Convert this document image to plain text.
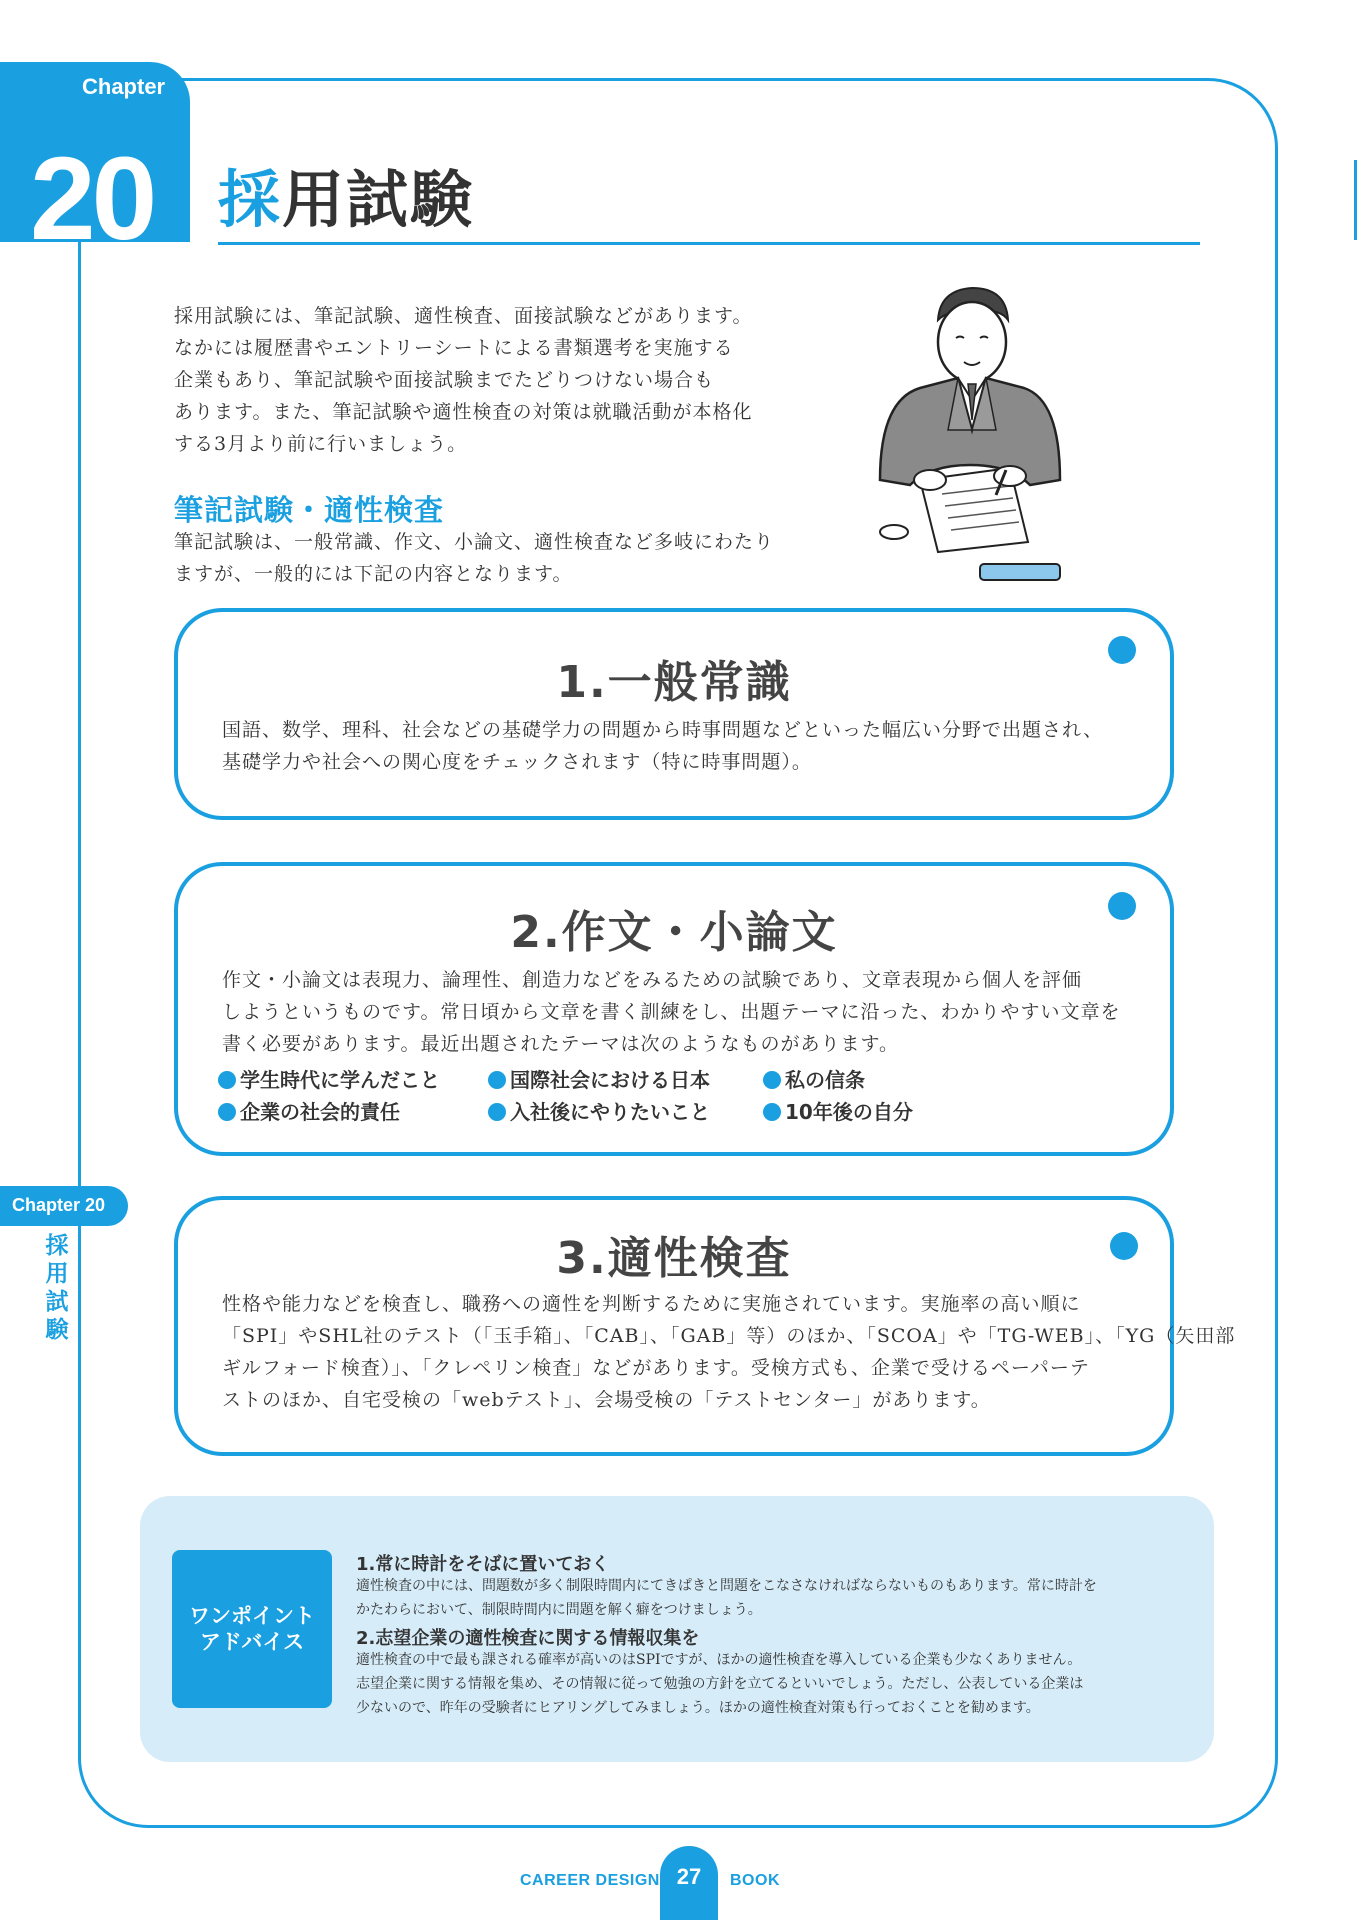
Chapter
20 採用試験
採用試験には、筆記試験、適性検査、面接試験などがあります。
なかには履歴書やエントリーシートによる書類選考を実施する
企業もあり、筆記試験や面接試験までたどりつけない場合も
あります。また、筆記試験や適性検査の対策は就職活動が本格化
する3月より前に行いましょう。
筆記試験・適性検査
筆記試験は、一般常識、作文、小論文、適性検査など多岐にわたり
ますが、一般的には下記の内容となります。
1.一般常識
国語、数学、理科、社会などの基礎学力の問題から時事問題などといった幅広い分野で出題され、
基礎学力や社会への関心度をチェックされます（特に時事問題）。
2.作文・小論文
作文・小論文は表現力、論理性、創造力などをみるための試験であり、文章表現から個人を評価
しようというものです。常日頃から文章を書く訓練をし、出題テーマに沿った、わかりやすい文章を
書く必要があります。最近出題されたテーマは次のようなものがあります。
学生時代に学んだこと	国際社会における日本	私の信条
企業の社会的責任	入社後にやりたいこと	10年後の自分
3.適性検査
性格や能力などを検査し、職務への適性を判断するために実施されています。実施率の高い順に
「SPI」やSHL社のテスト（「玉手箱」、「CAB」、「GAB」等）のほか、「SCOA」や「TG-WEB」、「YG（矢田部
ギルフォード検査）」、「クレペリン検査」などがあります。受検方式も、企業で受けるペーパーテ
ストのほか、自宅受検の「webテスト」、会場受検の「テストセンター」があります。
Chapter 20
採用試験
ワンポイント
アドバイス
1.常に時計をそばに置いておく
適性検査の中には、問題数が多く制限時間内にてきぱきと問題をこなさなければならないものもあります。常に時計を
かたわらにおいて、制限時間内に問題を解く癖をつけましょう。
2.志望企業の適性検査に関する情報収集を
適性検査の中で最も課される確率が高いのはSPIですが、ほかの適性検査を導入している企業も少なくありません。
志望企業に関する情報を集め、その情報に従って勉強の方針を立てるといいでしょう。ただし、公表している企業は
少ないので、昨年の受験者にヒアリングしてみましょう。ほかの適性検査対策も行っておくことを勧めます。
CAREER DESIGN 27	BOOK
